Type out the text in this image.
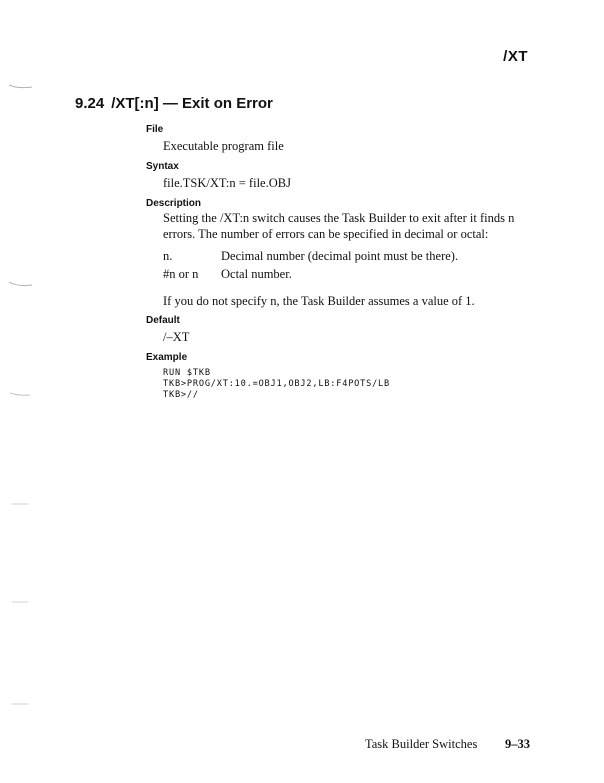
/XT
9.24 /XT[:n] — Exit on Error
File
Executable program file
Syntax
file.TSK/XT:n = file.OBJ
Description
Setting the /XT:n switch causes the Task Builder to exit after it finds n errors. The number of errors can be specified in decimal or octal:
n.	Decimal number (decimal point must be there).
#n or n Octal number.
If you do not specify n, the Task Builder assumes a value of 1.
Default
/–XT
Example
RUN $TKB
TKB>PROG/XT:10.=OBJ1,OBJ2,LB:F4POTS/LB
TKB>//
Task Builder Switches 9–33
